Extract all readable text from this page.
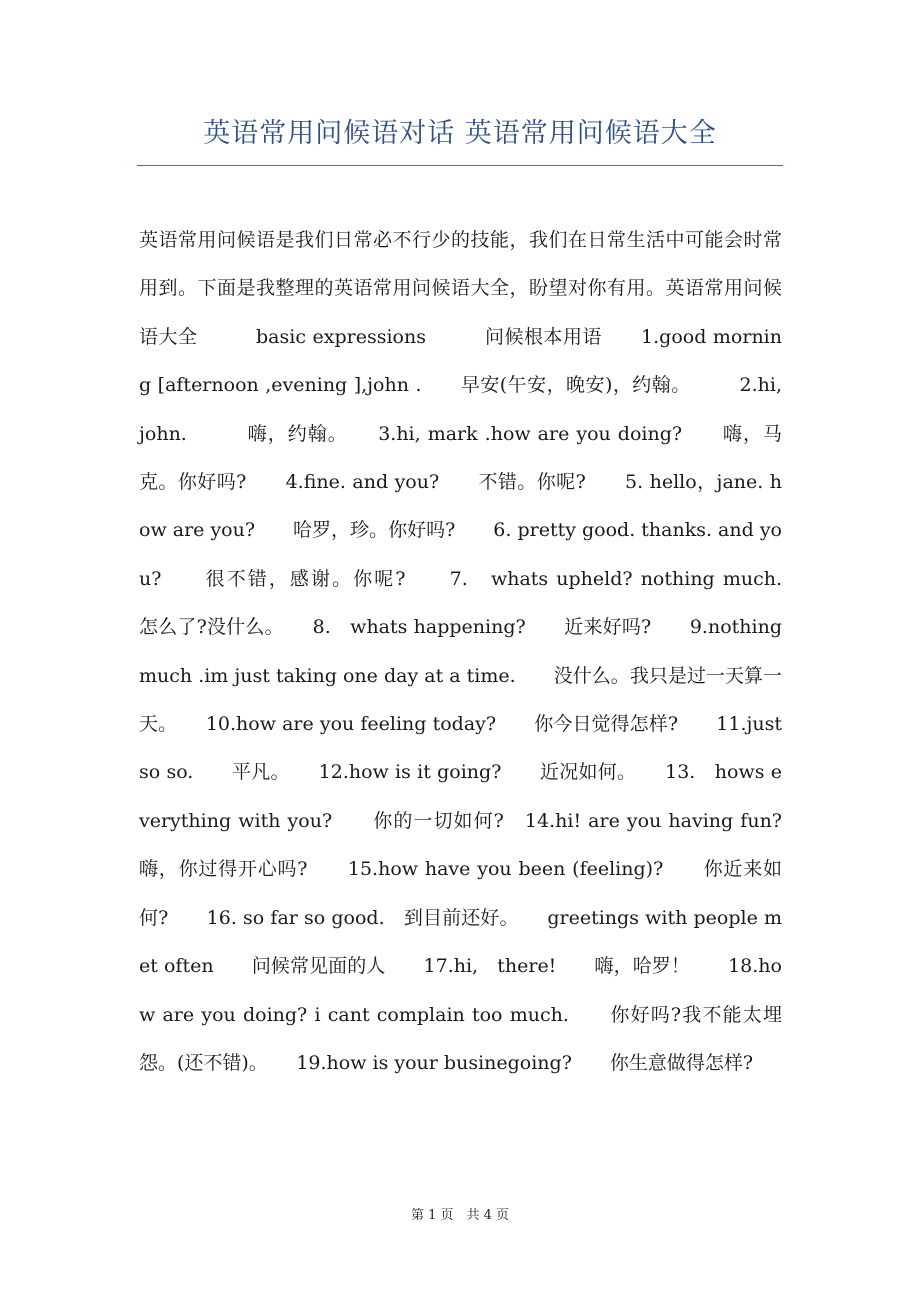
英语常用问候语对话 英语常用问候语大全
英语常用问候语是我们日常必不行少的技能，我们在日常生活中可能会时常用到。下面是我整理的英语常用问候语大全，盼望对你有用。英语常用问候语大全　　　basic expressions　　　问候根本用语　　1.good morning [afternoon ,evening ],john .　　早安(午安，晚安)，约翰。　　　2.hi,　john.　　　嗨，约翰。　　3.hi, mark .how are you doing?　　嗨，马克。你好吗?　　4.fine. and you?　　不错。你呢?　　5. hello，jane. how are you?　　哈罗，珍。你好吗?　　6. pretty good. thanks. and you?　　很不错，感谢。你呢?　　7.　whats upheld? nothing much.　　怎么了?没什么。　　8.　whats happening?　　近来好吗?　　9.nothing much .im just taking one day at a time.　　没什么。我只是过一天算一天。　　10.how are you feeling today?　　你今日觉得怎样?　　11.just so so.　　平凡。　　12.how is it going?　　近况如何。　　13.　hows everything with you?　　你的一切如何?　14.hi! are you having fun?　　嗨，你过得开心吗?　　15.how have you been (feeling)?　　你近来如何?　　16. so far so good.　到目前还好。　　greetings with people met often　　问候常见面的人　　17.hi,　there!　　嗨，哈罗！　　18.how are you doing? i cant complain too much.　　你好吗?我不能太埋怨。(还不错)。　　19.how is your businegoing?　　你生意做得怎样?
第 1 页　共 4 页
